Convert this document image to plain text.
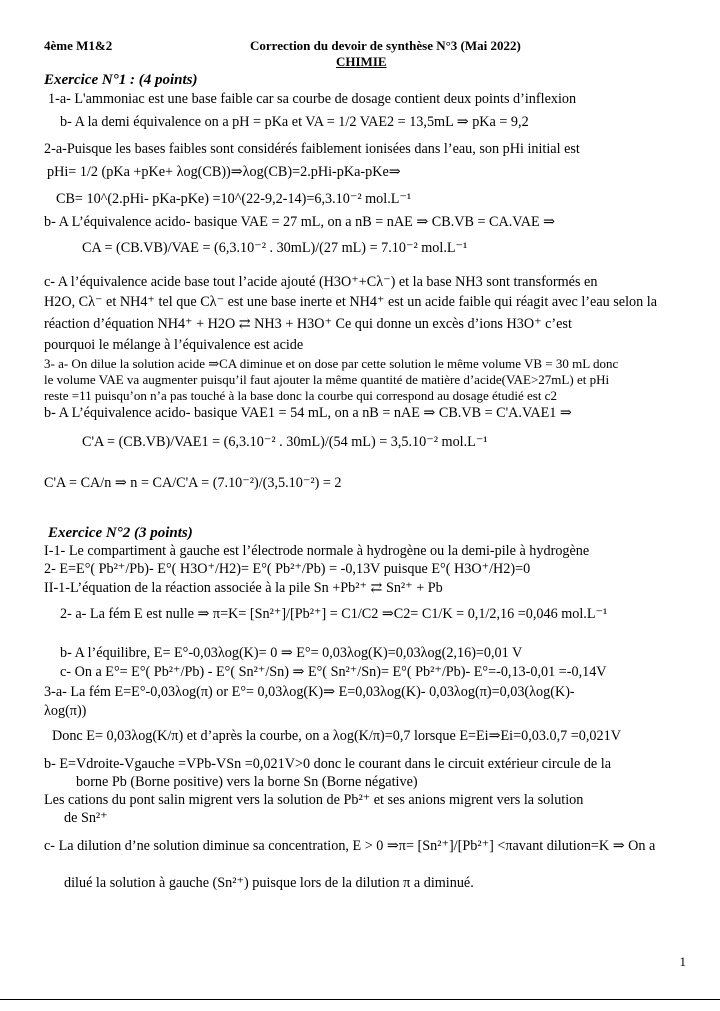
4ème M1&2	Correction du devoir de synthèse N°3 (Mai 2022)
CHIMIE
Exercice N°1 : (4 points)
1-a- L'ammoniac est une base faible car sa courbe de dosage contient deux points d’inflexion
b- A la demi équivalence on a pH = pKa et VA = 1/2 VAE2 = 13,5mL ⇒ pKa = 9,2
2-a-Puisque les bases faibles sont considérés faiblement ionisées dans l’eau, son pHi initial est
pHi= 1/2 (pKa +pKe+ λog(CB))⇒λog(CB)=2.pHi-pKa-pKe⇒
CB= 10^(2.pHi- pKa-pKe) =10^(22-9,2-14)=6,3.10⁻² mol.L⁻¹
b- A L’équivalence acido- basique VAE = 27 mL, on a nB = nAE ⇒ CB.VB = CA.VAE ⇒
CA = (CB.VB)/VAE = (6,3.10⁻² . 30mL)/(27 mL) = 7.10⁻² mol.L⁻¹
c- A l’équivalence acide base tout l’acide ajouté (H3O⁺+Cλ⁻) et la base NH3 sont transformés en
H2O, Cλ⁻ et NH4⁺ tel que Cλ⁻ est une base inerte et NH4⁺ est un acide faible qui réagit avec l’eau selon la
réaction d’équation NH4⁺ + H2O ⇄ NH3 + H3O⁺ Ce qui donne un excès d’ions H3O⁺ c’est
pourquoi le mélange à l’équivalence est acide
3- a- On dilue la solution acide ⇒CA diminue et on dose par cette solution le même volume VB = 30 mL donc
le volume VAE va augmenter puisqu’il faut ajouter la même quantité de matière d’acide(VAE>27mL) et pHi
reste =11 puisqu’on n’a pas touché à la base donc la courbe qui correspond au dosage étudié est c2
b- A L’équivalence acido- basique VAE1 = 54 mL, on a nB = nAE ⇒ CB.VB = C'A.VAE1 ⇒
C'A = (CB.VB)/VAE1 = (6,3.10⁻² . 30mL)/(54 mL) = 3,5.10⁻² mol.L⁻¹
C'A = CA/n ⇒ n = CA/C'A = (7.10⁻²)/(3,5.10⁻²) = 2
Exercice N°2 (3 points)
I-1- Le compartiment à gauche est l’électrode normale à hydrogène ou la demi-pile à hydrogène
2- E=E°( Pb²⁺/Pb)- E°( H3O⁺/H2)= E°( Pb²⁺/Pb) = -0,13V puisque E°( H3O⁺/H2)=0
II-1-L’équation de la réaction associée à la pile Sn +Pb²⁺ ⇄ Sn²⁺ + Pb
2- a- La fém E est nulle ⇒ π=K= [Sn²⁺]/[Pb²⁺] = C1/C2 ⇒C2= C1/K = 0,1/2,16 =0,046 mol.L⁻¹
b- A l’équilibre, E= E°-0,03λog(K)= 0 ⇒ E°= 0,03λog(K)=0,03λog(2,16)=0,01 V
c- On a E°= E°( Pb²⁺/Pb) - E°( Sn²⁺/Sn) ⇒ E°( Sn²⁺/Sn)= E°( Pb²⁺/Pb)- E°=-0,13-0,01 =-0,14V
3-a- La fém E=E°-0,03λog(π) or E°= 0,03λog(K)⇒ E=0,03λog(K)- 0,03λog(π)=0,03(λog(K)-
λog(π))
Donc E= 0,03λog(K/π) et d’après la courbe, on a λog(K/π)=0,7 lorsque E=Ei⇒Ei=0,03.0,7 =0,021V
b- E=Vdroite-Vgauche =VPb-VSn =0,021V>0 donc le courant dans le circuit extérieur circule de la
borne Pb (Borne positive) vers la borne Sn (Borne négative)
Les cations du pont salin migrent vers la solution de Pb²⁺ et ses anions migrent vers la solution
de Sn²⁺
c- La dilution d’ne solution diminue sa concentration, E > 0 ⇒π= [Sn²⁺]/[Pb²⁺] <πavant dilution=K ⇒ On a
dilué la solution à gauche (Sn²⁺) puisque lors de la dilution π a diminué.
1
